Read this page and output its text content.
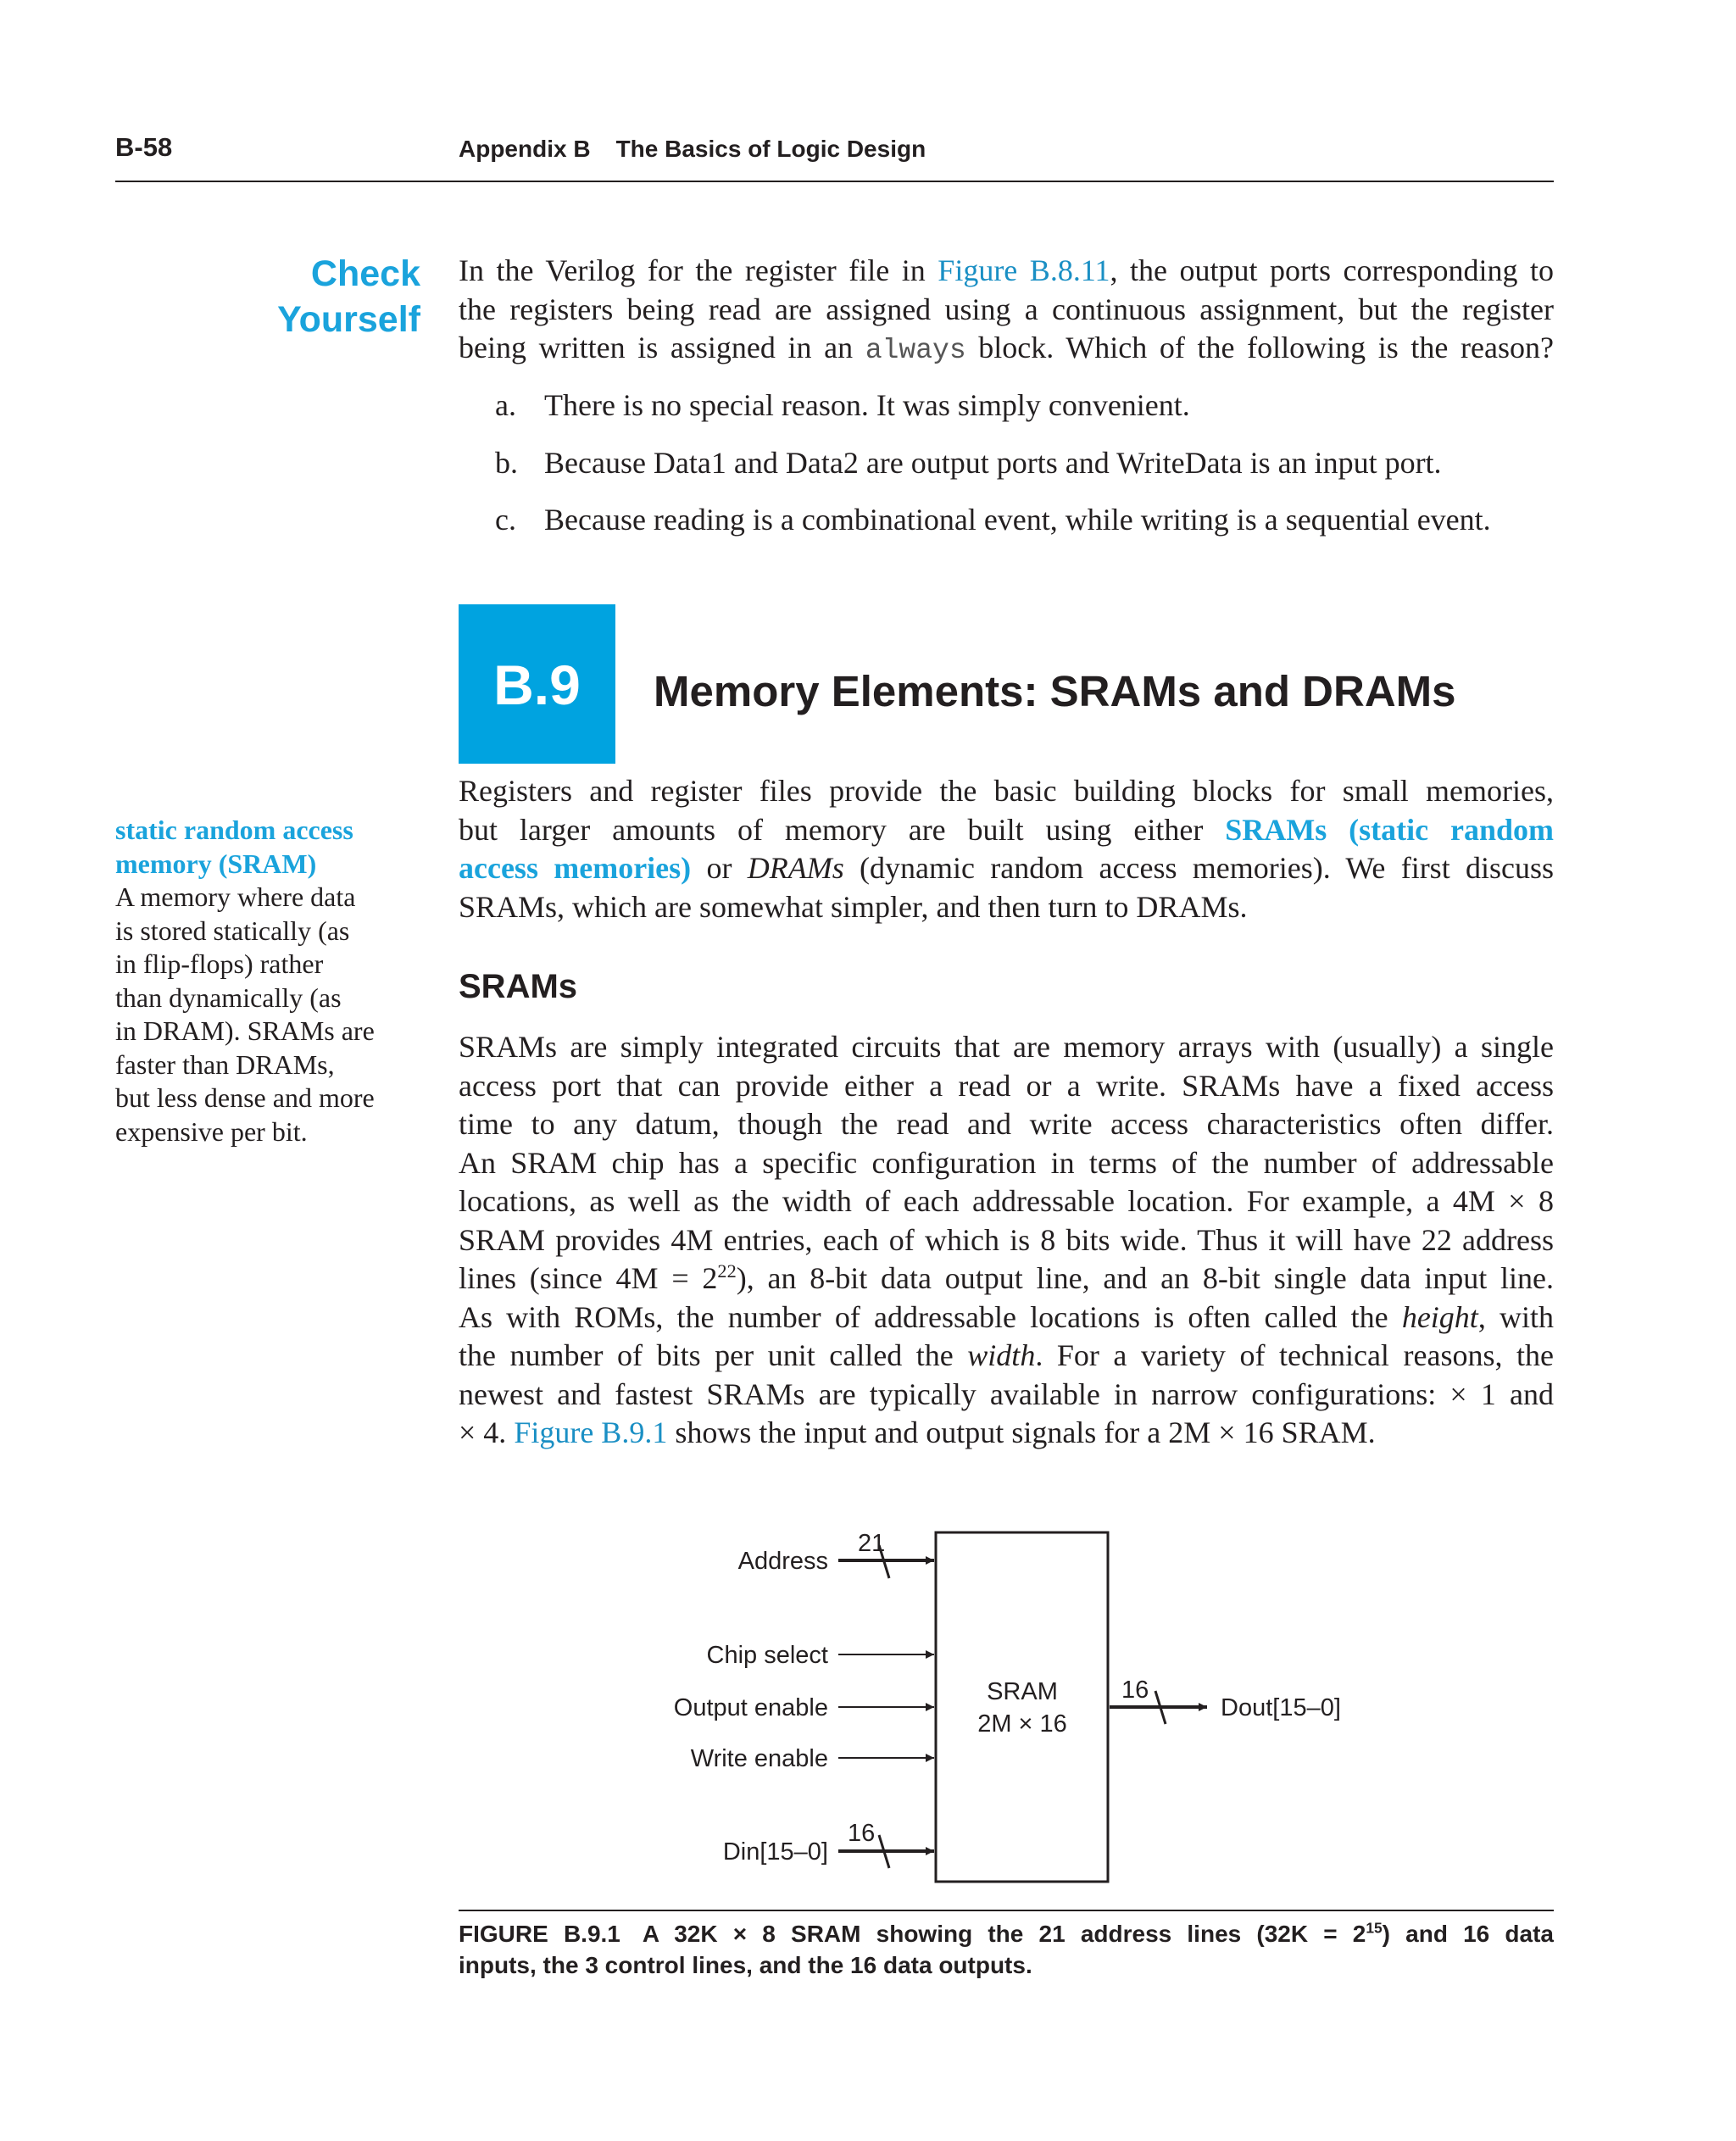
B-58	Appendix B The Basics of Logic Design
Check
Yourself
In the Verilog for the register file in Figure B.8.11, the output ports corresponding to
the registers being read are assigned using a continuous assignment, but the register
being written is assigned in an always block. Which of the following is the reason?
a. There is no special reason. It was simply convenient.
b. Because Data1 and Data2 are output ports and WriteData is an input port.
c. Because reading is a combinational event, while writing is a sequential event.
B.9	Memory Elements: SRAMs and DRAMs
static random access
memory (SRAM)
A memory where data
is stored statically (as
in flip-flops) rather
than dynamically (as
in DRAM). SRAMs are
faster than DRAMs,
but less dense and more
expensive per bit.
Registers and register files provide the basic building blocks for small memories,
but larger amounts of memory are built using either SRAMs (static random
access memories) or DRAMs (dynamic random access memories). We first discuss
SRAMs, which are somewhat simpler, and then turn to DRAMs.
SRAMs
SRAMs are simply integrated circuits that are memory arrays with (usually) a single
access port that can provide either a read or a write. SRAMs have a fixed access
time to any datum, though the read and write access characteristics often differ.
An SRAM chip has a specific configuration in terms of the number of addressable
locations, as well as the width of each addressable location. For example, a 4M × 8
SRAM provides 4M entries, each of which is 8 bits wide. Thus it will have 22 address
lines (since $4M = 2^{22}$), an 8-bit data output line, and an 8-bit single data input line.
As with ROMs, the number of addressable locations is often called the height, with
the number of bits per unit called the width. For a variety of technical reasons, the
newest and fastest SRAMs are typically available in narrow configurations: × 1 and
× 4. Figure B.9.1 shows the input and output signals for a 2M × 16 SRAM.
SRAM
2M × 16
21
Address
Chip select
Output enable
Write enable
16
Din[15–0]
16
Dout[15–0]
FIGURE B.9.1 A 32K × 8 SRAM showing the 21 address lines $(32K = 2^{15})$ and 16 data
inputs, the 3 control lines, and the 16 data outputs.
